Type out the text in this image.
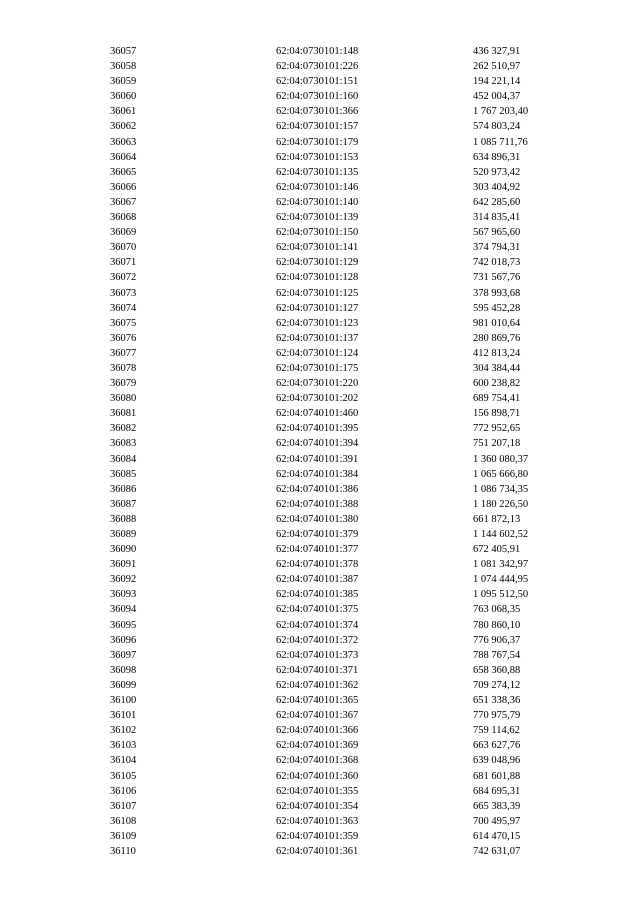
36057	62:04:0730101:148	436 327,91
36058	62:04:0730101:226	262 510,97
36059	62:04:0730101:151	194 221,14
36060	62:04:0730101:160	452 004,37
36061	62:04:0730101:366	1 767 203,40
36062	62:04:0730101:157	574 803,24
36063	62:04:0730101:179	1 085 711,76
36064	62:04:0730101:153	634 896,31
36065	62:04:0730101:135	520 973,42
36066	62:04:0730101:146	303 404,92
36067	62:04:0730101:140	642 285,60
36068	62:04:0730101:139	314 835,41
36069	62:04:0730101:150	567 965,60
36070	62:04:0730101:141	374 794,31
36071	62:04:0730101:129	742 018,73
36072	62:04:0730101:128	731 567,76
36073	62:04:0730101:125	378 993,68
36074	62:04:0730101:127	595 452,28
36075	62:04:0730101:123	981 010,64
36076	62:04:0730101:137	280 869,76
36077	62:04:0730101:124	412 813,24
36078	62:04:0730101:175	304 384,44
36079	62:04:0730101:220	600 238,82
36080	62:04:0730101:202	689 754,41
36081	62:04:0740101:460	156 898,71
36082	62:04:0740101:395	772 952,65
36083	62:04:0740101:394	751 207,18
36084	62:04:0740101:391	1 360 080,37
36085	62:04:0740101:384	1 065 666,80
36086	62:04:0740101:386	1 086 734,35
36087	62:04:0740101:388	1 180 226,50
36088	62:04:0740101:380	661 872,13
36089	62:04:0740101:379	1 144 602,52
36090	62:04:0740101:377	672 405,91
36091	62:04:0740101:378	1 081 342,97
36092	62:04:0740101:387	1 074 444,95
36093	62:04:0740101:385	1 095 512,50
36094	62:04:0740101:375	763 068,35
36095	62:04:0740101:374	780 860,10
36096	62:04:0740101:372	776 906,37
36097	62:04:0740101:373	788 767,54
36098	62:04:0740101:371	658 360,88
36099	62:04:0740101:362	709 274,12
36100	62:04:0740101:365	651 338,36
36101	62:04:0740101:367	770 975,79
36102	62:04:0740101:366	759 114,62
36103	62:04:0740101:369	663 627,76
36104	62:04:0740101:368	639 048,96
36105	62:04:0740101:360	681 601,88
36106	62:04:0740101:355	684 695,31
36107	62:04:0740101:354	665 383,39
36108	62:04:0740101:363	700 495,97
36109	62:04:0740101:359	614 470,15
36110	62:04:0740101:361	742 631,07
